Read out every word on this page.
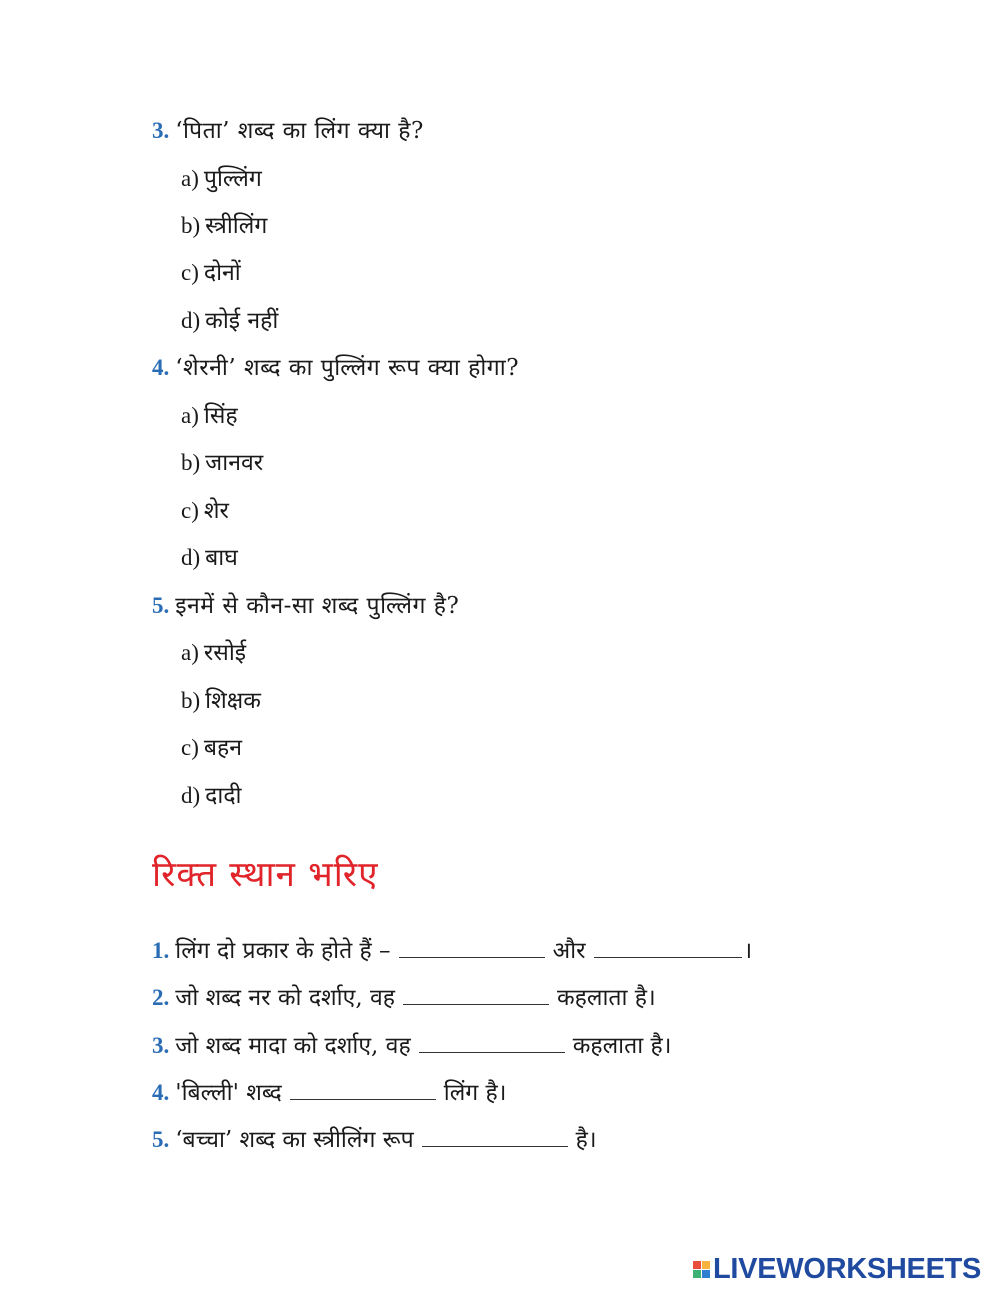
3. ‘पिता’ शब्द का लिंग क्या है?
a) पुल्लिंग
b) स्त्रीलिंग
c) दोनों
d) कोई नहीं
4. ‘शेरनी’ शब्द का पुल्लिंग रूप क्या होगा?
a) सिंह
b) जानवर
c) शेर
d) बाघ
5. इनमें से कौन-सा शब्द पुल्लिंग है?
a) रसोई
b) शिक्षक
c) बहन
d) दादी
रिक्त स्थान भरिए
1. लिंग दो प्रकार के होते हैं –	और	।
2. जो शब्द नर को दर्शाए, वह	कहलाता है।
3. जो शब्द मादा को दर्शाए, वह	कहलाता है।
4. 'बिल्ली' शब्द	लिंग है।
5. ‘बच्चा’ शब्द का स्त्रीलिंग रूप	है।
LIVEWORKSHEETS
